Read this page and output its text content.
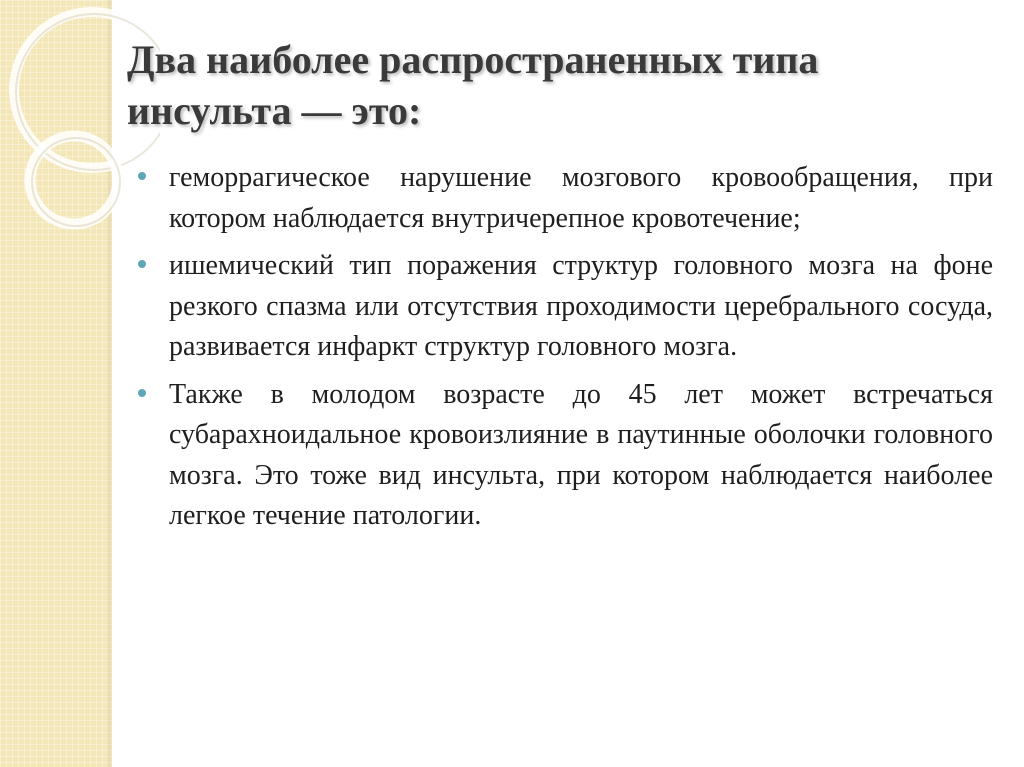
Два наиболее распространенных типа
инсульта — это:
геморрагическое нарушение мозгового кровообращения, при котором наблюдается внутричерепное кровотечение;
ишемический тип поражения структур головного мозга на фоне резкого спазма или отсутствия проходимости церебрального сосуда, развивается инфаркт структур головного мозга.
Также в молодом возрасте до 45 лет может встречаться субарахноидальное кровоизлияние в паутинные оболочки головного мозга. Это тоже вид инсульта, при котором наблюдается наиболее легкое течение патологии.
